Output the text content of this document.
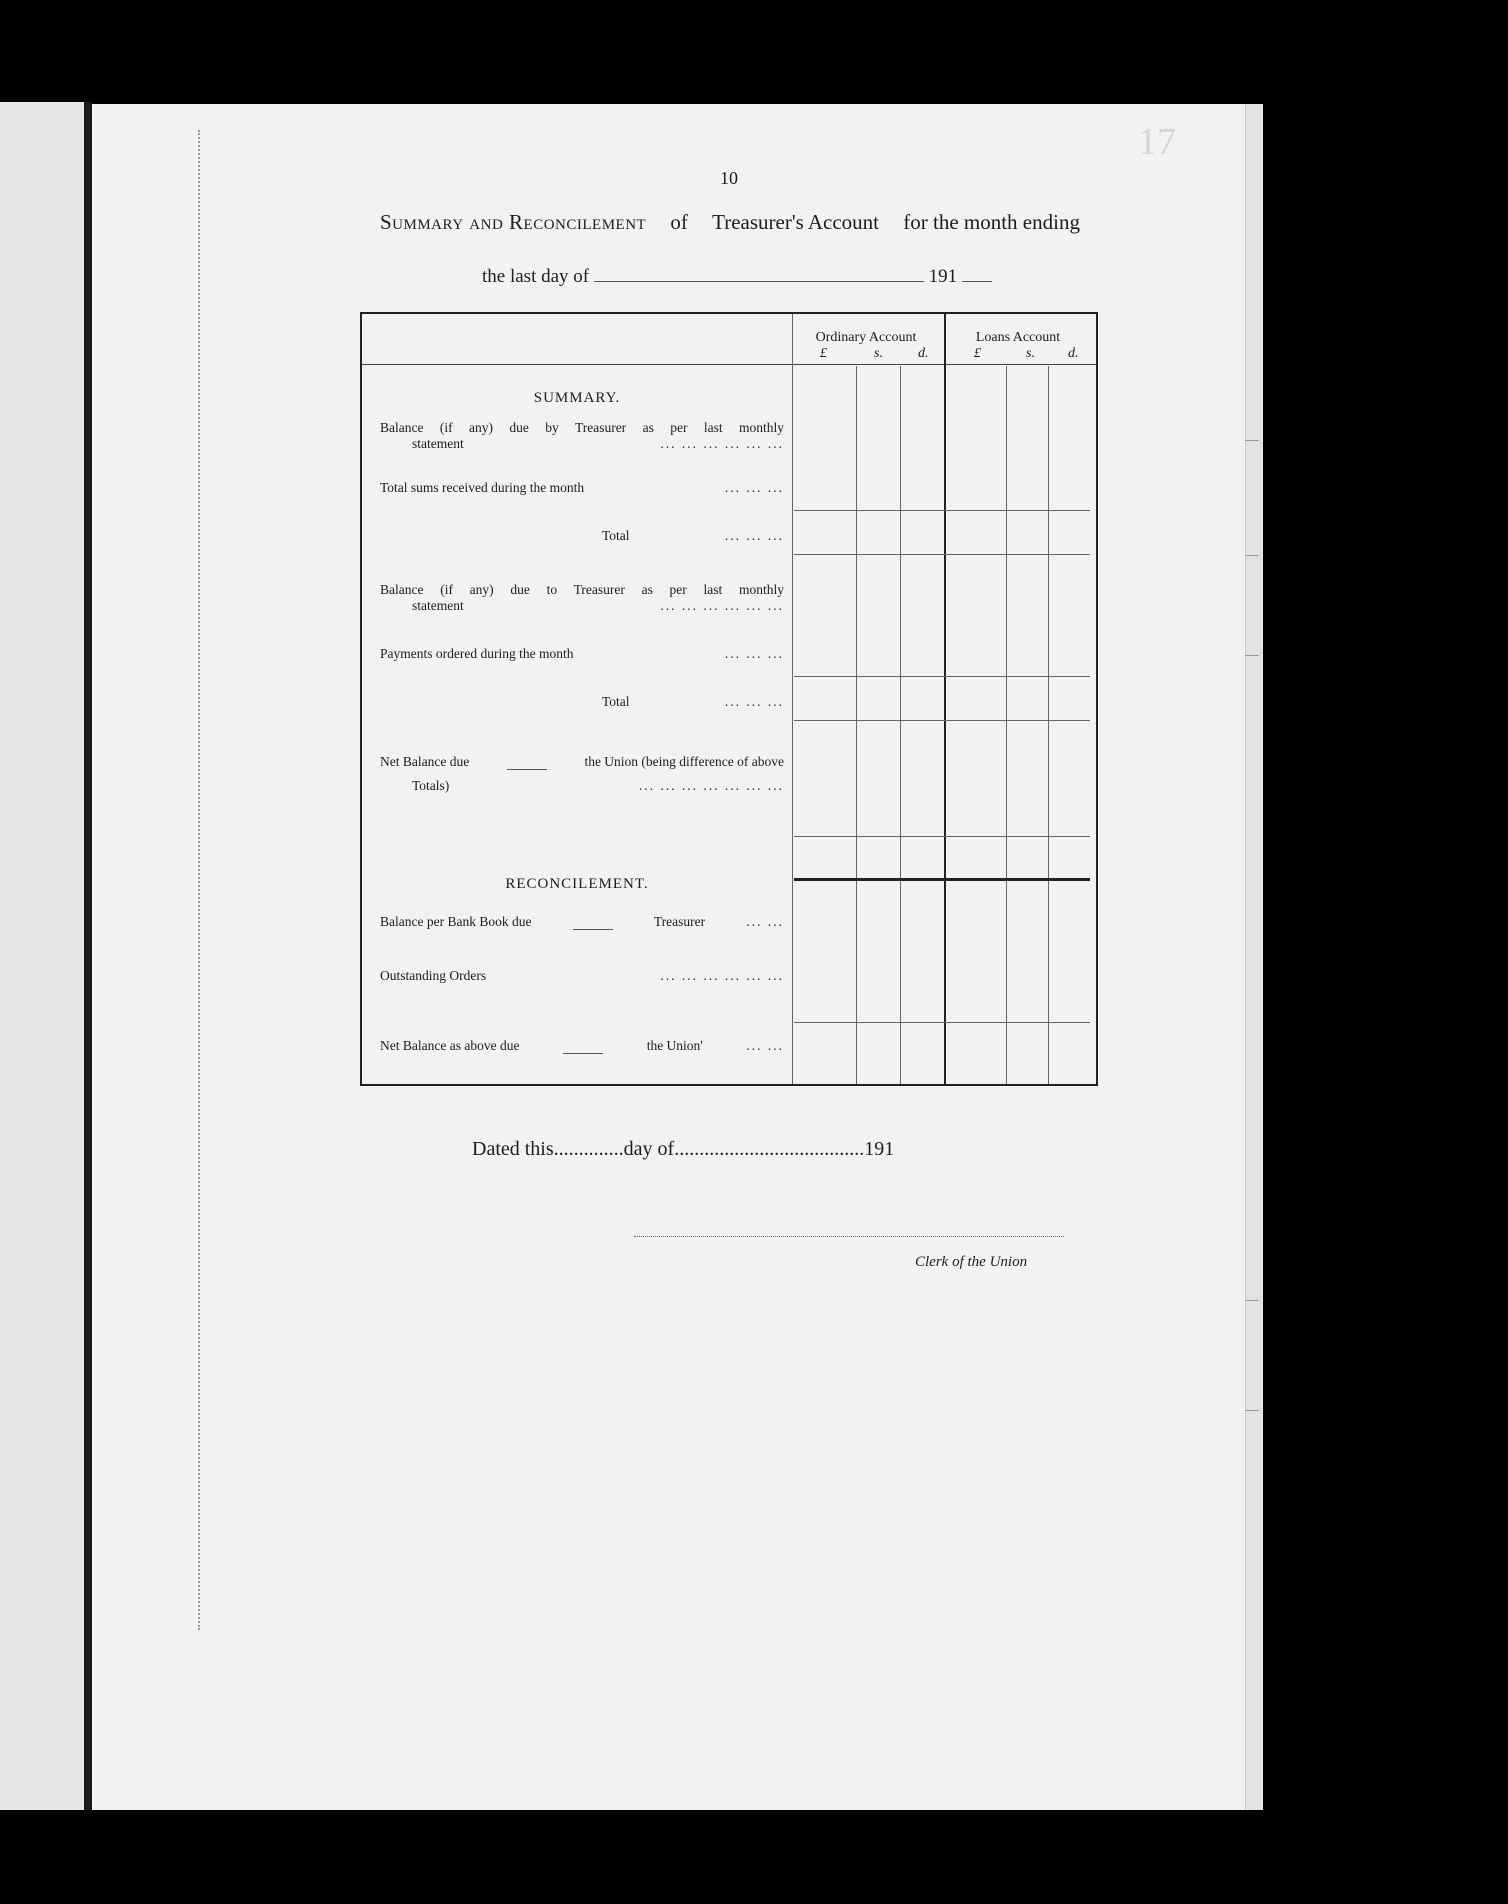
17
10
Summary and Reconcilement of Treasurer's Account for the month ending
the last day of	191
Ordinary Account	Loans Account
£	s.	d.	£	s. d.
SUMMARY.
Balance (if any) due by Treasurer as per last monthly
statement	... ... ... ... ... ...
Total sums received during the month	... ... ...
Total	... ... ...
Balance (if any) due to Treasurer as per last monthly
statement	... ... ... ... ... ...
Payments ordered during the month	... ... ...
Total	... ... ...
Net Balance due	the Union (being difference of above
Totals)	... ... ... ... ... ... ...
RECONCILEMENT.
Balance per Bank Book due	Treasurer	... ...
Outstanding Orders	... ... ... ... ... ...
Net Balance as above due	the Union'	... ...
Dated this..............day of......................................191
Clerk of the Union
